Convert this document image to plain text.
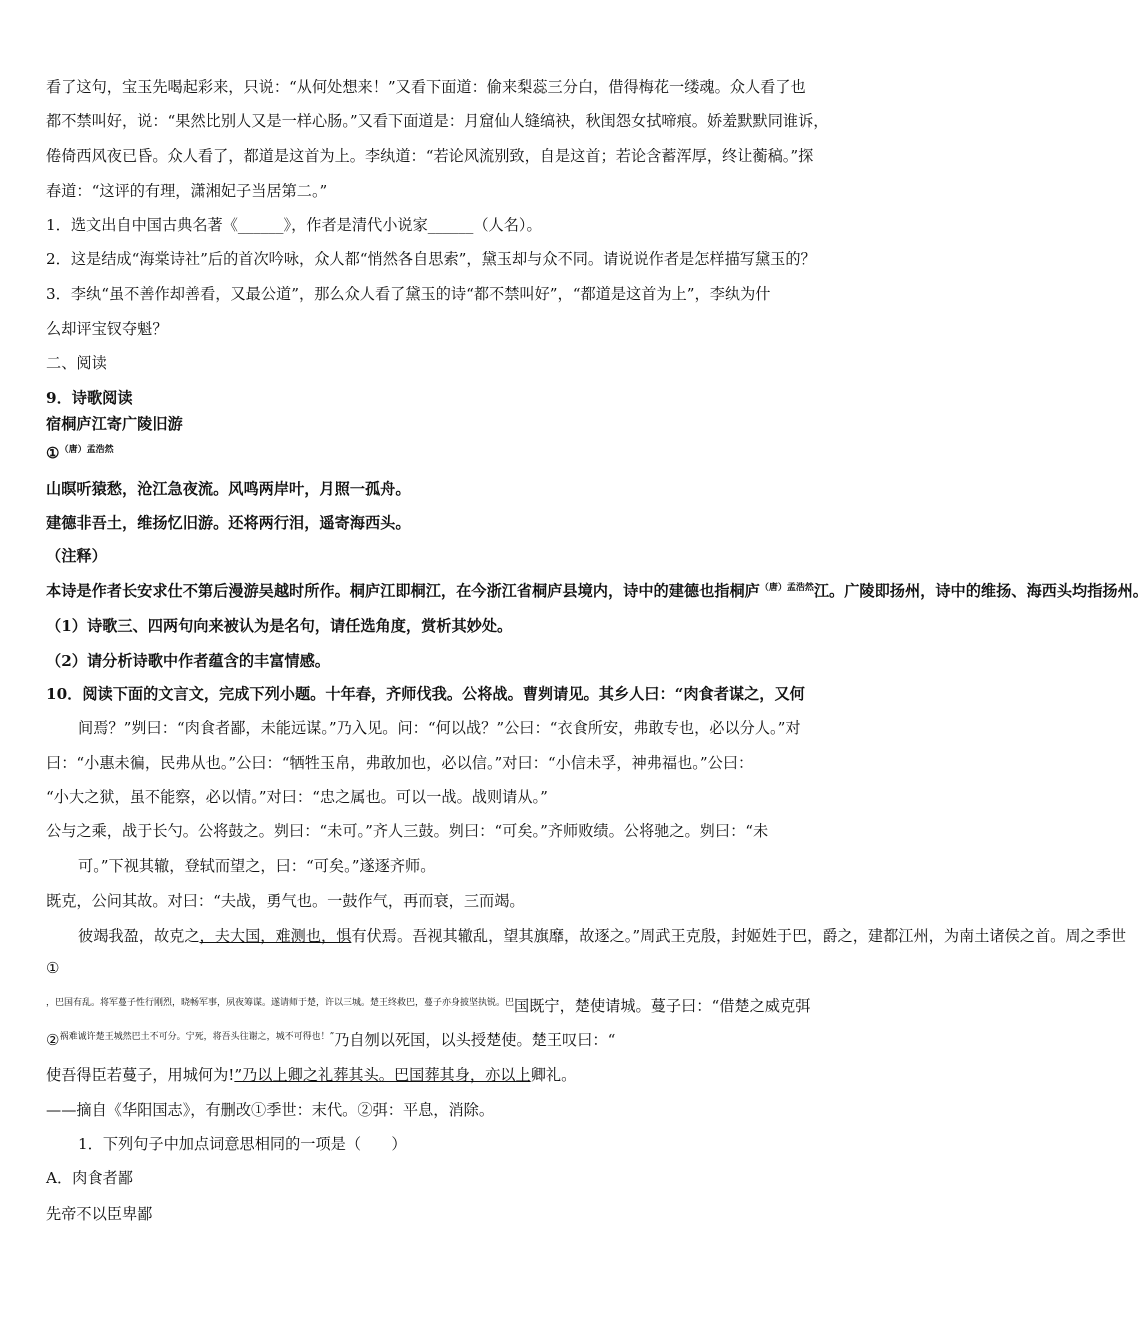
看了这句，宝玉先喝起彩来，只说：“从何处想来！”又看下面道：偷来梨蕊三分白，借得梅花一缕魂。众人看了也
都不禁叫好，说：“果然比别人又是一样心肠。”又看下面道是：月窟仙人缝缟袂，秋闺怨女拭啼痕。娇羞默默同谁诉，
倦倚西风夜已昏。众人看了，都道是这首为上。李纨道：“若论风流别致，自是这首；若论含蓄浑厚，终让蘅稿。”探
春道：“这评的有理，潇湘妃子当居第二。”
1．选文出自中国古典名著《______》，作者是清代小说家______（人名）。
2．这是结成“海棠诗社”后的首次吟咏，众人都“悄然各自思索”，黛玉却与众不同。请说说作者是怎样描写黛玉的？
3．李纨“虽不善作却善看，又最公道”，那么众人看了黛玉的诗“都不禁叫好”，“都道是这首为上”，李纨为什
么却评宝钗夺魁？
二、阅读
9．诗歌阅读
宿桐庐江寄广陵旧游
①$^{(唐)孟浩然}$
山暝听猿愁，沧江急夜流。风鸣两岸叶，月照一孤舟。
建德非吾土，维扬忆旧游。还将两行泪，遥寄海西头。
（注释）
本诗是作者长安求仕不第后漫游吴越时所作。桐庐江即桐江，在今浙江省桐庐县境内，诗中的建德也指桐庐$^{(唐)孟浩然}$江。广陵即扬州，诗中的维扬、海西头均指扬州。
（1）诗歌三、四两句向来被认为是名句，请任选角度，赏析其妙处。
（2）请分析诗歌中作者蕴含的丰富情感。
10．阅读下面的文言文，完成下列小题。十年春，齐师伐我。公将战。曹刿请见。其乡人曰：“肉食者谋之，又何
间焉？”刿曰：“肉食者鄙，未能远谋。”乃入见。问：“何以战？”公曰：“衣食所安，弗敢专也，必以分人。”对
曰：“小惠未徧，民弗从也。”公曰：“牺牲玉帛，弗敢加也，必以信。”对曰：“小信未孚，神弗福也。”公曰：
“小大之狱，虽不能察，必以情。”对曰：“忠之属也。可以一战。战则请从。”
公与之乘，战于长勺。公将鼓之。刿曰：“未可。”齐人三鼓。刿曰：“可矣。”齐师败绩。公将驰之。刿曰：“未
可。”下视其辙，登轼而望之，曰：“可矣。”遂逐齐师。
既克，公问其故。对曰：“夫战，勇气也。一鼓作气，再而衰，三而竭。
彼竭我盈，故克之，夫大国，难测也，惧有伏焉。吾视其辙乱，望其旗靡，故逐之。”周武王克殷，封姬姓于巴，爵之，建都江州，为南土诸侯之首。周之季世
①
$^{,巴国有乱。将军蔓子性行刚烈,晓畅军事,夙夜筹谋。遂请师于楚,许以三城。楚王终救巴,蔓子亦身披坚执锐。巴}$国既宁，楚使请城。蔓子曰：“借楚之威克弭
②$^{祸难诚许楚王城然巴土不可分。宁死,将吾头往谢之,城不可得也!”}$乃自刎以死国，以头授楚使。楚王叹曰：“
使吾得臣若蔓子，用城何为!”乃以上卿之礼葬其头。巴国葬其身，亦以上卿礼。
——摘自《华阳国志》，有删改①季世：末代。②弭：平息，消除。
1．下列句子中加点词意思相同的一项是（　　）
A．肉食者鄙
先帝不以臣卑鄙
